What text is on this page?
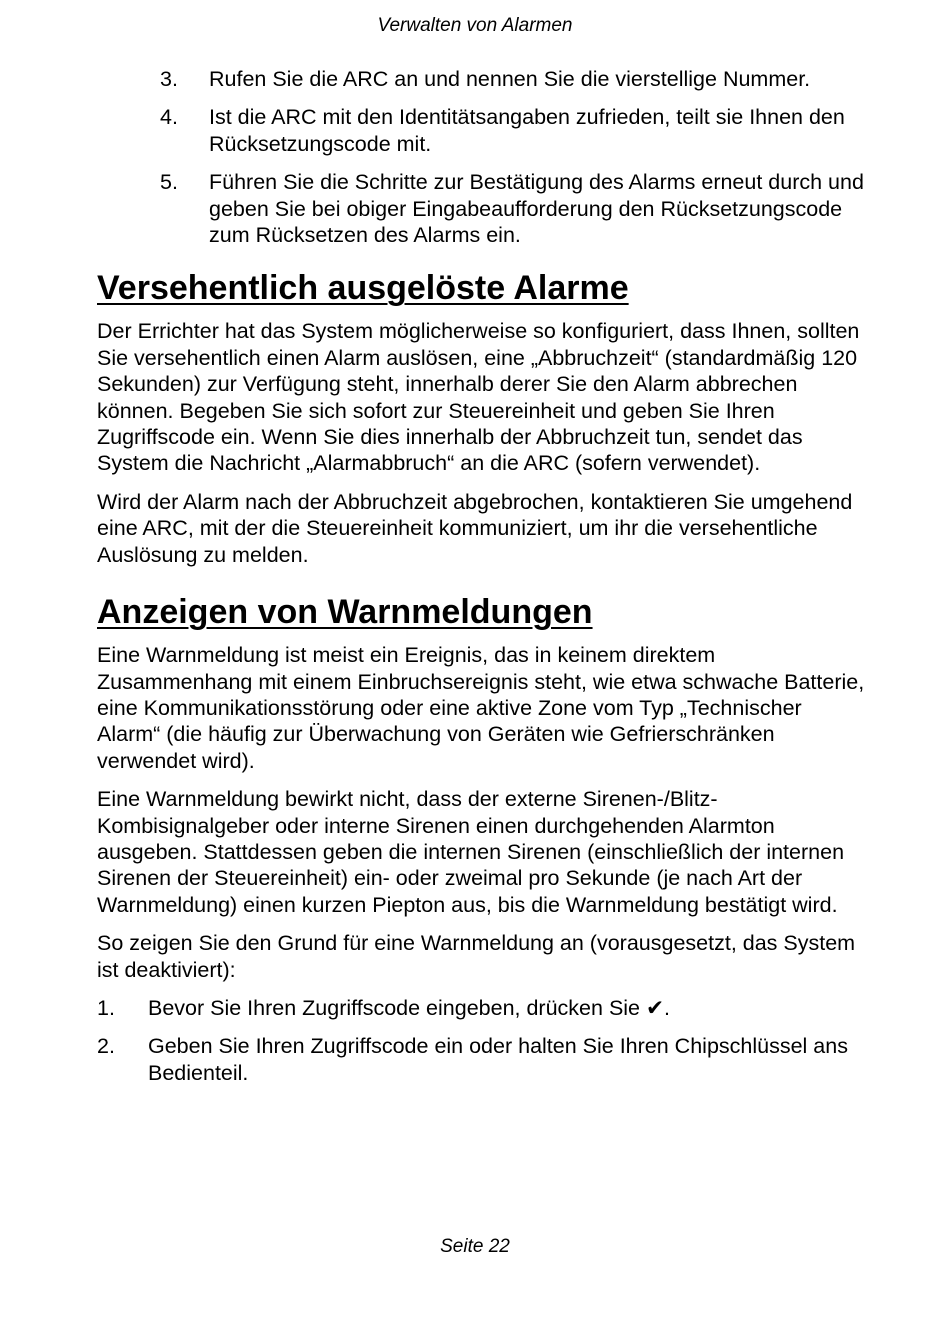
Verwalten von Alarmen
3. Rufen Sie die ARC an und nennen Sie die vierstellige Nummer.
4. Ist die ARC mit den Identitätsangaben zufrieden, teilt sie Ihnen den Rücksetzungscode mit.
5. Führen Sie die Schritte zur Bestätigung des Alarms erneut durch und geben Sie bei obiger Eingabeaufforderung den Rücksetzungscode zum Rücksetzen des Alarms ein.
Versehentlich ausgelöste Alarme

Der Errichter hat das System möglicherweise so konfiguriert, dass Ihnen, sollten Sie versehentlich einen Alarm auslösen, eine „Abbruchzeit“ (standardmäßig 120 Sekunden) zur Verfügung steht, innerhalb derer Sie den Alarm abbrechen können. Begeben Sie sich sofort zur Steuereinheit und geben Sie Ihren Zugriffscode ein. Wenn Sie dies innerhalb der Abbruchzeit tun, sendet das System die Nachricht „Alarmabbruch“ an die ARC (sofern verwendet).

Wird der Alarm nach der Abbruchzeit abgebrochen, kontaktieren Sie umgehend eine ARC, mit der die Steuereinheit kommuniziert, um ihr die versehentliche Auslösung zu melden.

Anzeigen von Warnmeldungen

Eine Warnmeldung ist meist ein Ereignis, das in keinem direktem Zusammenhang mit einem Einbruchsereignis steht, wie etwa schwache Batterie, eine Kommunikationsstörung oder eine aktive Zone vom Typ „Technischer Alarm“ (die häufig zur Überwachung von Geräten wie Gefrierschränken verwendet wird).

Eine Warnmeldung bewirkt nicht, dass der externe Sirenen-/Blitz-Kombisignalgeber oder interne Sirenen einen durchgehenden Alarmton ausgeben. Stattdessen geben die internen Sirenen (einschließlich der internen Sirenen der Steuereinheit) ein- oder zweimal pro Sekunde (je nach Art der Warnmeldung) einen kurzen Piepton aus, bis die Warnmeldung bestätigt wird.

So zeigen Sie den Grund für eine Warnmeldung an (vorausgesetzt, das System ist deaktiviert):

1. Bevor Sie Ihren Zugriffscode eingeben, drücken Sie ✔.
2. Geben Sie Ihren Zugriffscode ein oder halten Sie Ihren Chipschlüssel ans Bedienteil.
Seite 22
